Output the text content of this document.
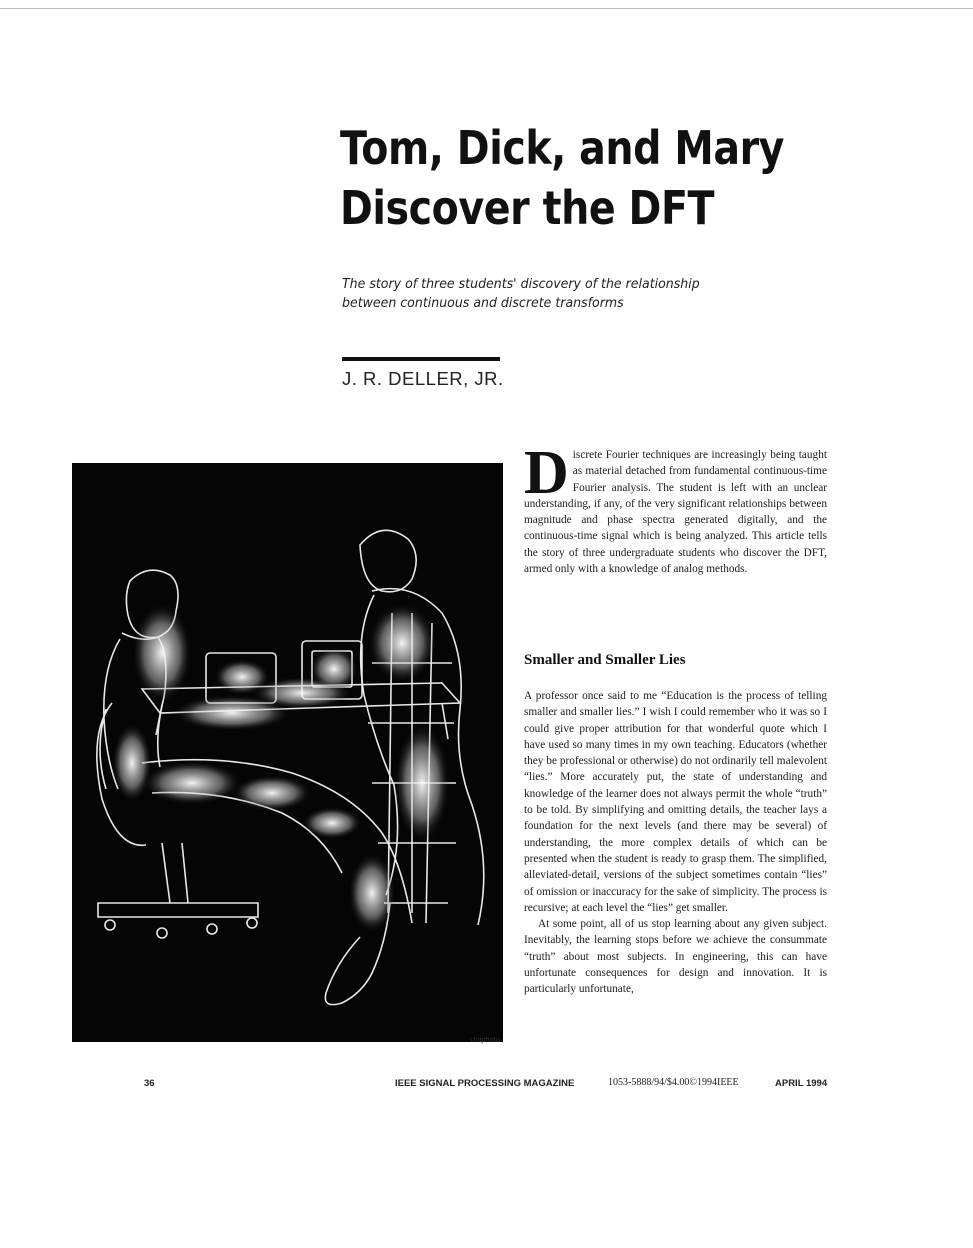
Tom, Dick, and Mary
Discover the DFT
The story of three students' discovery of the relationship between continuous and discrete transforms
J. R. DELLER, JR.
Uniphoto
D iscrete Fourier techniques are increasingly being taught as material detached from fundamental continuous-time Fourier analysis. The student is left with an unclear understanding, if any, of the very significant relationships between magnitude and phase spectra generated digitally, and the continuous-time signal which is being analyzed. This article tells the story of three undergraduate students who discover the DFT, armed only with a knowledge of analog methods.
Smaller and Smaller Lies

A professor once said to me “Education is the process of telling smaller and smaller lies.” I wish I could remember who it was so I could give proper attribution for that wonderful quote which I have used so many times in my own teaching. Educators (whether they be professional or otherwise) do not ordinarily tell malevolent “lies.” More accurately put, the state of understanding and knowledge of the learner does not always permit the whole “truth” to be told. By simplifying and omitting details, the teacher lays a foundation for the next levels (and there may be several) of understanding, the more complex details of which can be presented when the student is ready to grasp them. The simplified, alleviated-detail, versions of the subject sometimes contain “lies” of omission or inaccuracy for the sake of simplicity. The process is recursive; at each level the “lies” get smaller.

At some point, all of us stop learning about any given subject. Inevitably, the learning stops before we achieve the consummate “truth” about most subjects. In engineering, this can have unfortunate consequences for design and innovation. It is particularly unfortunate,

36	IEEE SIGNAL PROCESSING MAGAZINE	1053-5888/94/$4.00©1994IEEE	APRIL 1994
